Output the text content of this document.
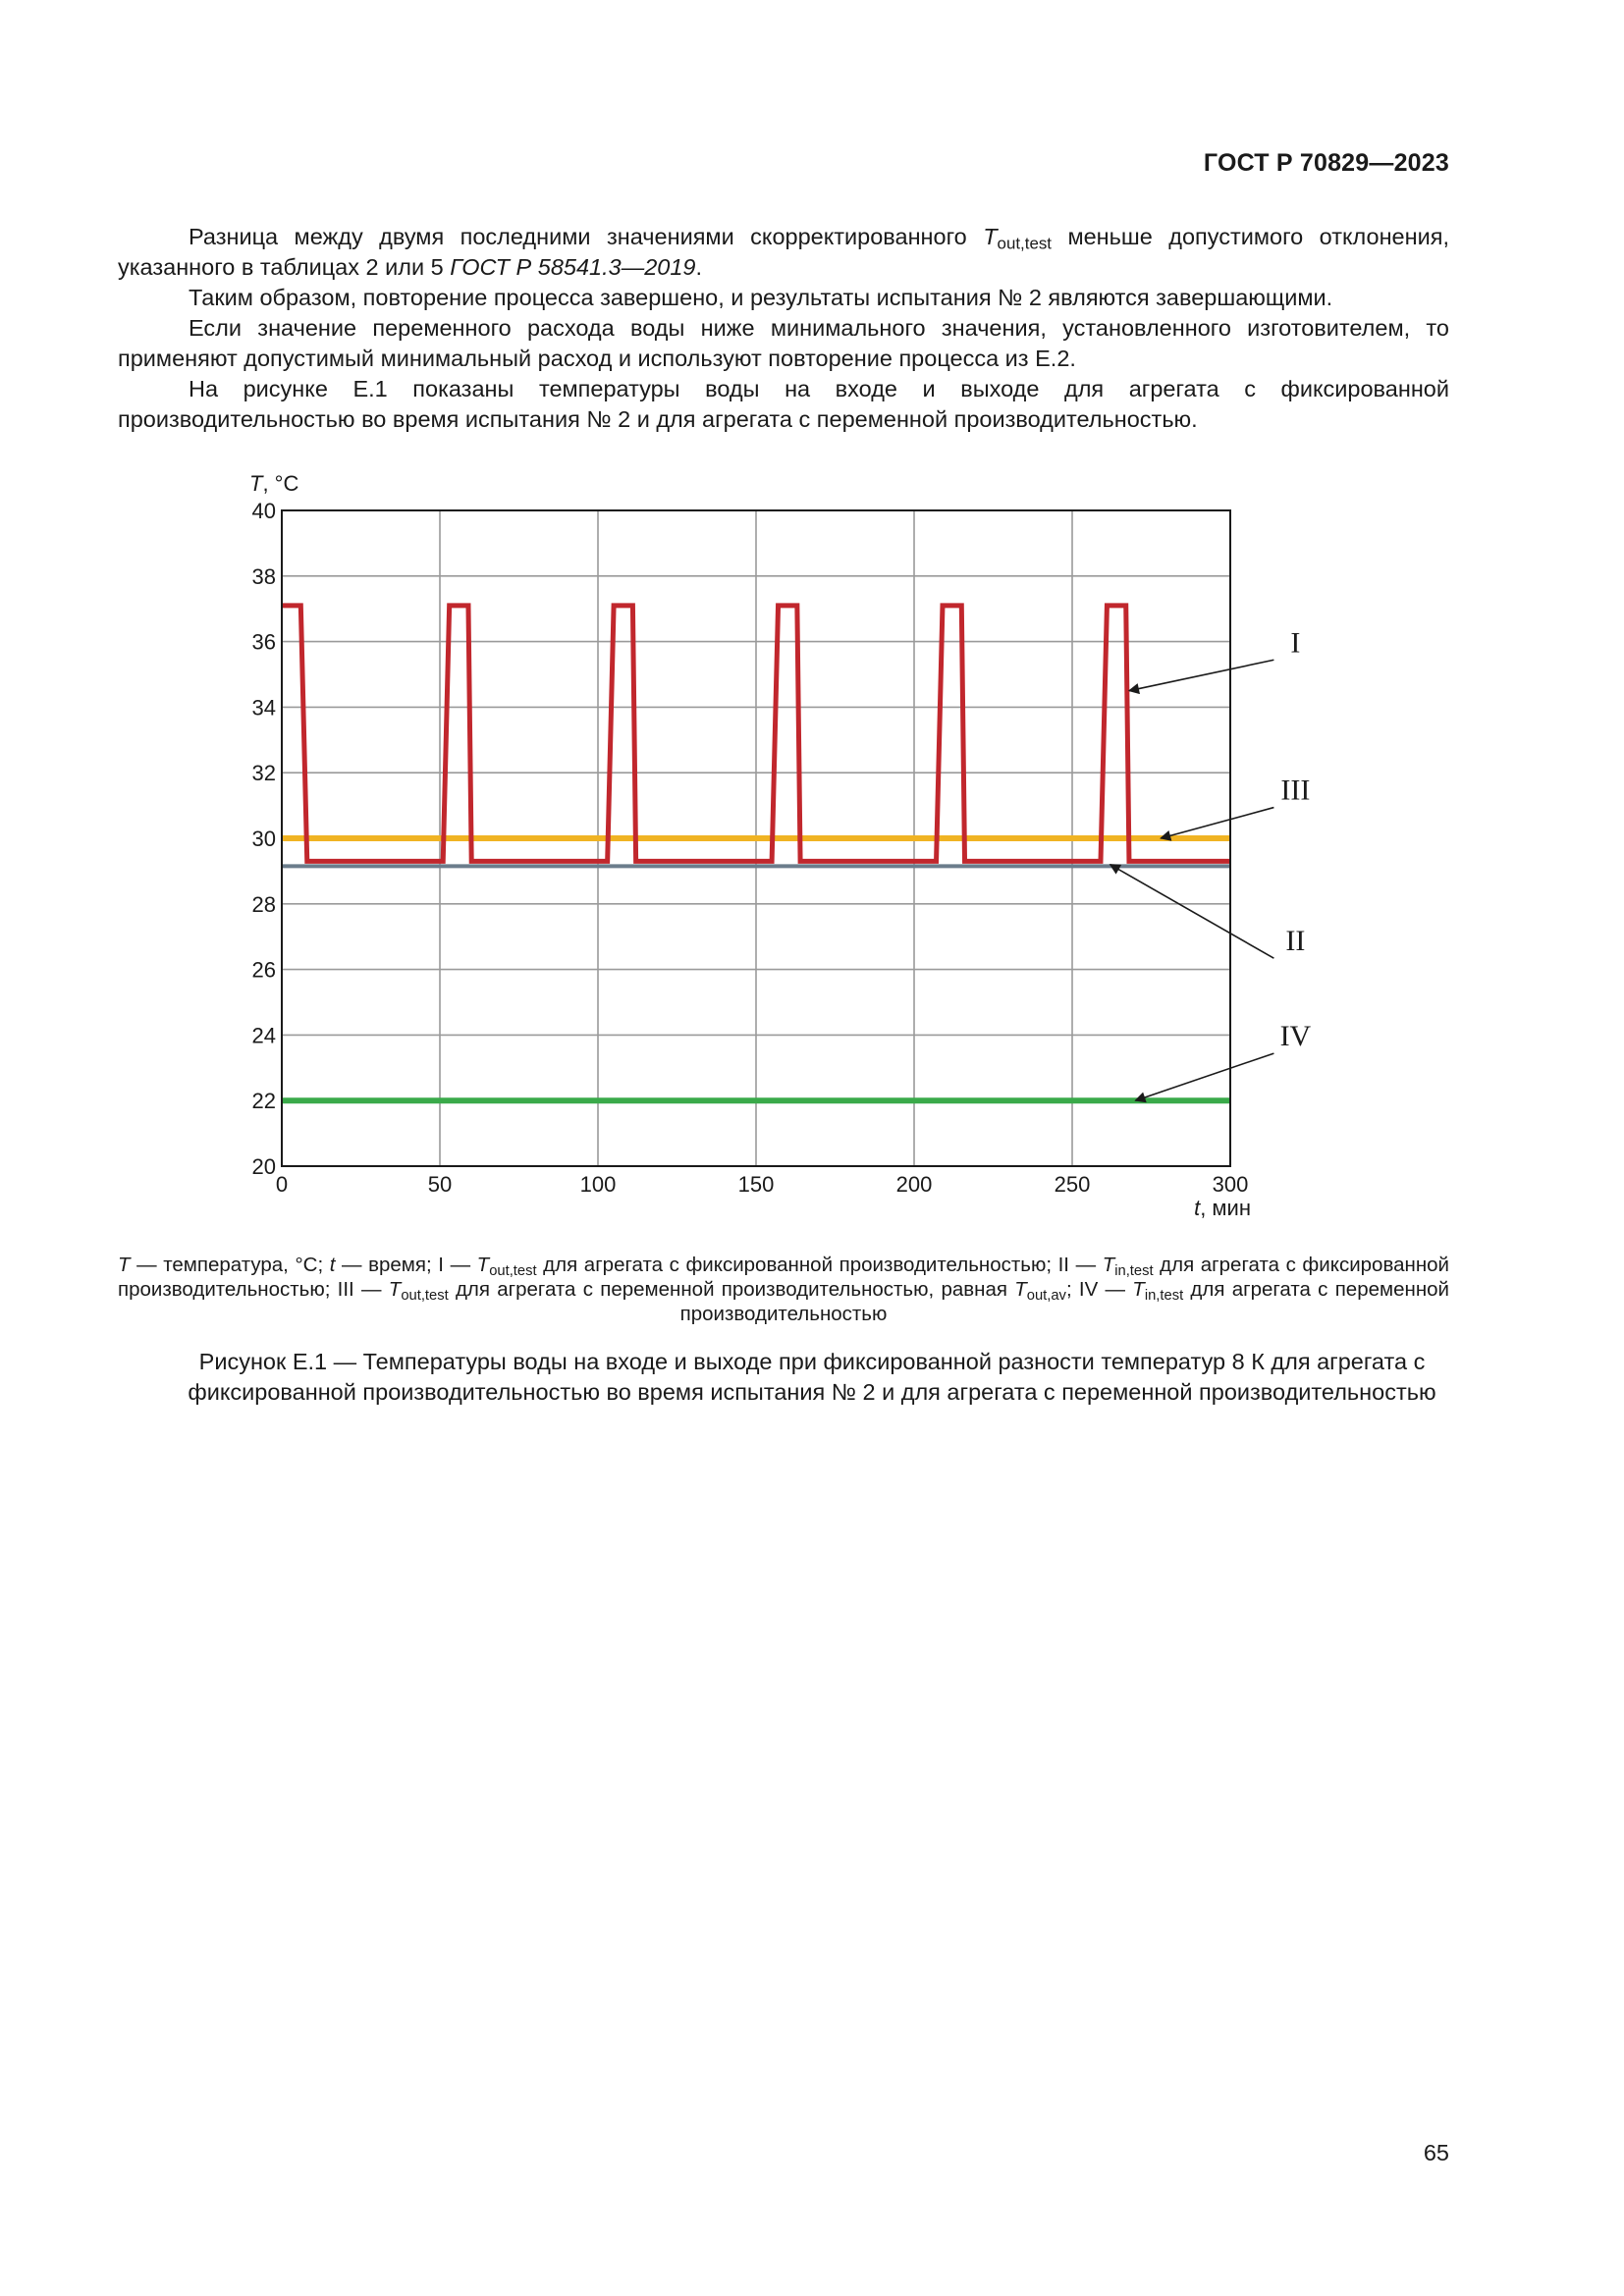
ГОСТ Р 70829—2023

Разница между двумя последними значениями скорректированного $T_{out,test}$ меньше допустимого отклонения, указанного в таблицах 2 или 5 ГОСТ Р 58541.3—2019.

Таким образом, повторение процесса завершено, и результаты испытания № 2 являются завершающими.

Если значение переменного расхода воды ниже минимального значения, установленного изготовителем, то применяют допустимый минимальный расход и используют повторение процесса из Е.2.

На рисунке Е.1 показаны температуры воды на входе и выходе для агрегата с фиксированной производительностью во время испытания № 2 и для агрегата с переменной производительностью.

0	50	100	150	200	250	300
20
22
24
26
28
30
32
34
36
38
40
T, °C
t, мин
I
III
II
IV
T — температура, °C; t — время; I — $T_{out,test}$ для агрегата с фиксированной производительностью; II — $T_{in,test}$ для агрегата с фиксированной производительностью; III — $T_{out,test}$ для агрегата с переменной производительностью, равная $T_{out,av}$; IV — $T_{in,test}$ для агрегата с переменной производительностью
Рисунок Е.1 — Температуры воды на входе и выходе при фиксированной разности температур 8 К для агрегата с фиксированной производительностью во время испытания № 2 и для агрегата с переменной производительностью
65
